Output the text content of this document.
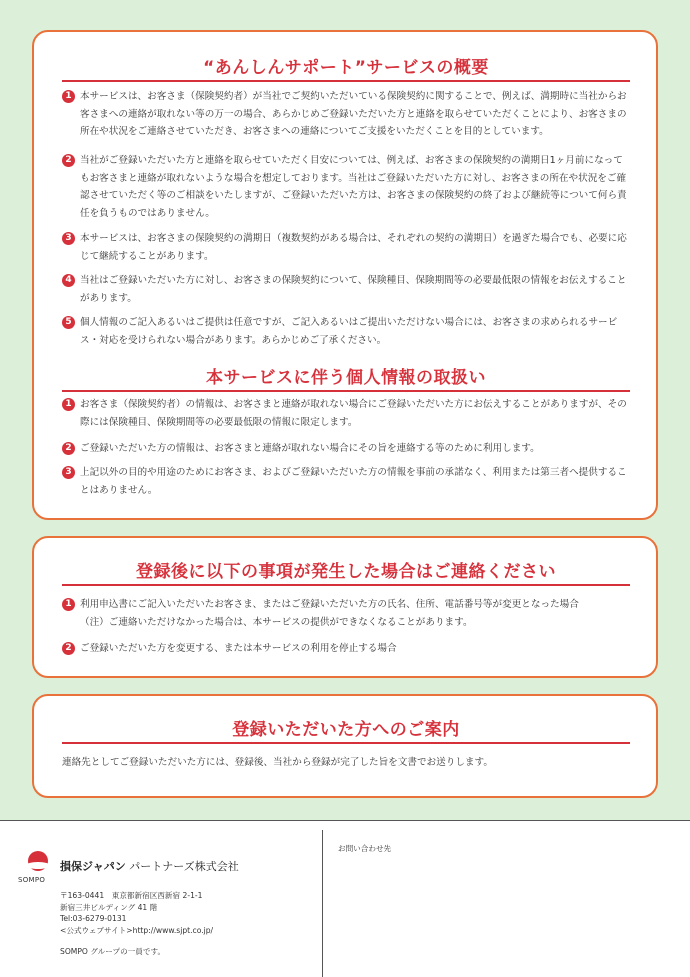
“あんしんサポート”サービスの概要
1 本サービスは、お客さま（保険契約者）が当社でご契約いただいている保険契約に関することで、例えば、満期時に当社からお客さまへの連絡が取れない等の万一の場合、あらかじめご登録いただいた方と連絡を取らせていただくことにより、お客さまの所在や状況をご連絡させていただき、お客さまへの連絡についてご支援をいただくことを目的としています。
2 当社がご登録いただいた方と連絡を取らせていただく目安については、例えば、お客さまの保険契約の満期日1ヶ月前になってもお客さまと連絡が取れないような場合を想定しております。当社はご登録いただいた方に対し、お客さまの所在や状況をご確認させていただく等のご相談をいたしますが、ご登録いただいた方は、お客さまの保険契約の終了および継続等について何ら責任を負うものではありません。
3 本サービスは、お客さまの保険契約の満期日（複数契約がある場合は、それぞれの契約の満期日）を過ぎた場合でも、必要に応じて継続することがあります。
4 当社はご登録いただいた方に対し、お客さまの保険契約について、保険種目、保険期間等の必要最低限の情報をお伝えすることがあります。
5 個人情報のご記入あるいはご提供は任意ですが、ご記入あるいはご提出いただけない場合には、お客さまの求められるサービス・対応を受けられない場合があります。あらかじめご了承ください。
本サービスに伴う個人情報の取扱い
1 お客さま（保険契約者）の情報は、お客さまと連絡が取れない場合にご登録いただいた方にお伝えすることがありますが、その際には保険種目、保険期間等の必要最低限の情報に限定します。
2 ご登録いただいた方の情報は、お客さまと連絡が取れない場合にその旨を連絡する等のために利用します。
3 上記以外の目的や用途のためにお客さま、およびご登録いただいた方の情報を事前の承諾なく、利用または第三者へ提供することはありません。
登録後に以下の事項が発生した場合はご連絡ください
1 利用申込書にご記入いただいたお客さま、またはご登録いただいた方の氏名、住所、電話番号等が変更となった場合
（注）ご連絡いただけなかった場合は、本サービスの提供ができなくなることがあります。
2 ご登録いただいた方を変更する、または本サービスの利用を停止する場合
登録いただいた方へのご案内
連絡先としてご登録いただいた方には、登録後、当社から登録が完了した旨を文書でお送りします。
SOMPO
損保ジャパン パートナーズ株式会社
〒163-0441　東京都新宿区西新宿 2-1-1
新宿三井ビルディング 41 階
Tel:03-6279-0131
<公式ウェブサイト>http://www.sjpt.co.jp/
SOMPO グループの一員です。
お問い合わせ先
